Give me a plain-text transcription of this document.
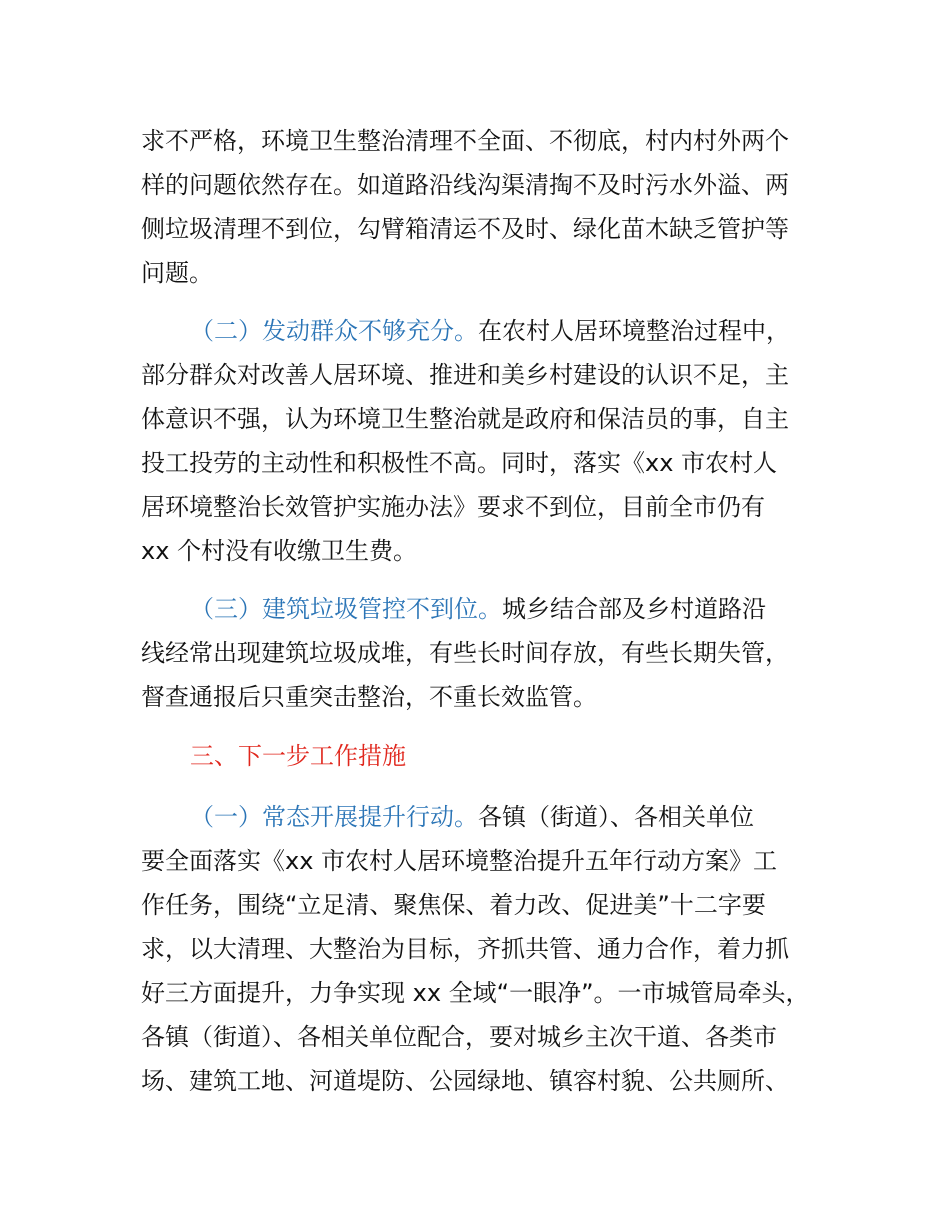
求不严格，环境卫生整治清理不全面、不彻底，村内村外两个
样的问题依然存在。如道路沿线沟渠清掏不及时污水外溢、两
侧垃圾清理不到位，勾臂箱清运不及时、绿化苗木缺乏管护等
问题。
（二）发动群众不够充分。在农村人居环境整治过程中，
部分群众对改善人居环境、推进和美乡村建设的认识不足，主
体意识不强，认为环境卫生整治就是政府和保洁员的事，自主
投工投劳的主动性和积极性不高。同时，落实《xx 市农村人
居环境整治长效管护实施办法》要求不到位，目前全市仍有
xx 个村没有收缴卫生费。
（三）建筑垃圾管控不到位。城乡结合部及乡村道路沿
线经常出现建筑垃圾成堆，有些长时间存放，有些长期失管，
督查通报后只重突击整治，不重长效监管。
三、下一步工作措施
（一）常态开展提升行动。各镇（街道）、各相关单位
要全面落实《xx 市农村人居环境整治提升五年行动方案》工
作任务，围绕“立足清、聚焦保、着力改、促进美”十二字要
求，以大清理、大整治为目标，齐抓共管、通力合作，着力抓
好三方面提升，力争实现 xx 全域“一眼净”。一市城管局牵头，
各镇（街道）、各相关单位配合，要对城乡主次干道、各类市
场、建筑工地、河道堤防、公园绿地、镇容村貌、公共厕所、
